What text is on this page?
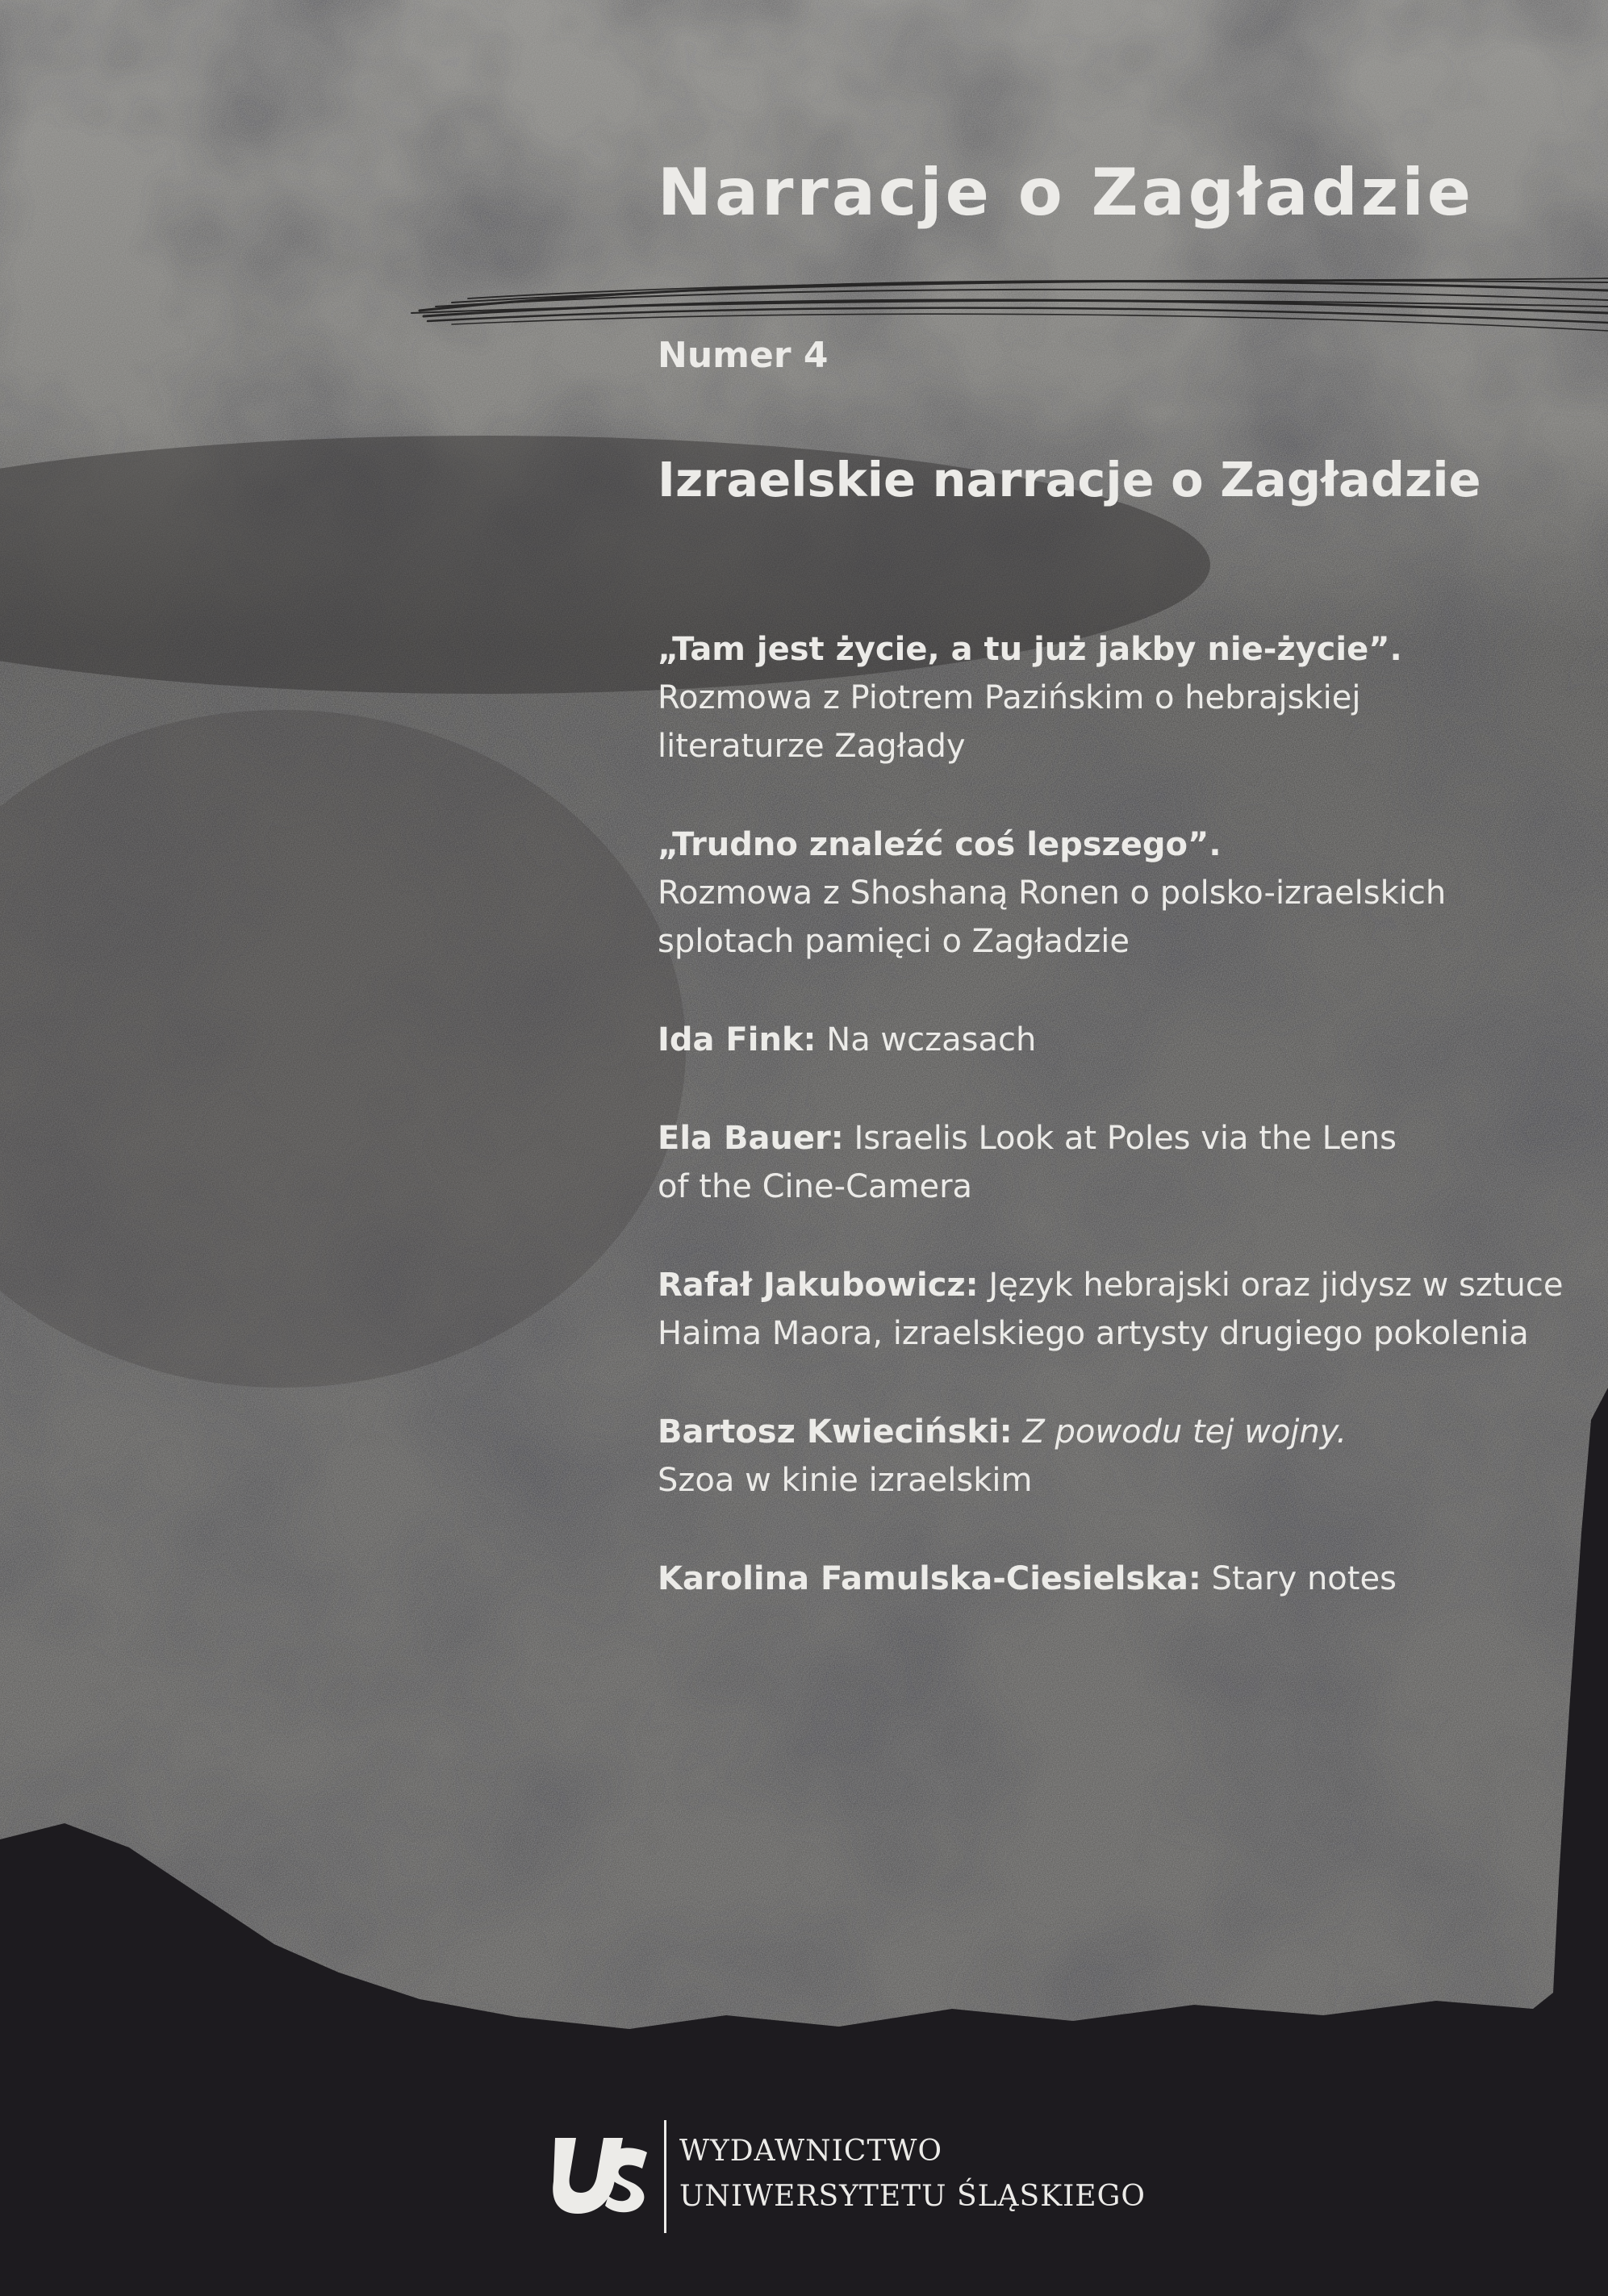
Narracje o Zagładzie
Numer 4
Izraelskie narracje o Zagładzie
„Tam jest życie, a tu już jakby nie-życie”.
Rozmowa z Piotrem Pazińskim o hebrajskiej
literaturze Zagłady
„Trudno znaleźć coś lepszego”.
Rozmowa z Shoshaną Ronen o polsko-izraelskich
splotach pamięci o Zagładzie
Ida Fink: Na wczasach
Ela Bauer: Israelis Look at Poles via the Lens
of the Cine-Camera
Rafał Jakubowicz: Język hebrajski oraz jidysz w sztuce
Haima Maora, izraelskiego artysty drugiego pokolenia
Bartosz Kwieciński: Z powodu tej wojny.
Szoa w kinie izraelskim
Karolina Famulska-Ciesielska: Stary notes
WYDAWNICTWO
UNIWERSYTETU ŚLĄSKIEGO
